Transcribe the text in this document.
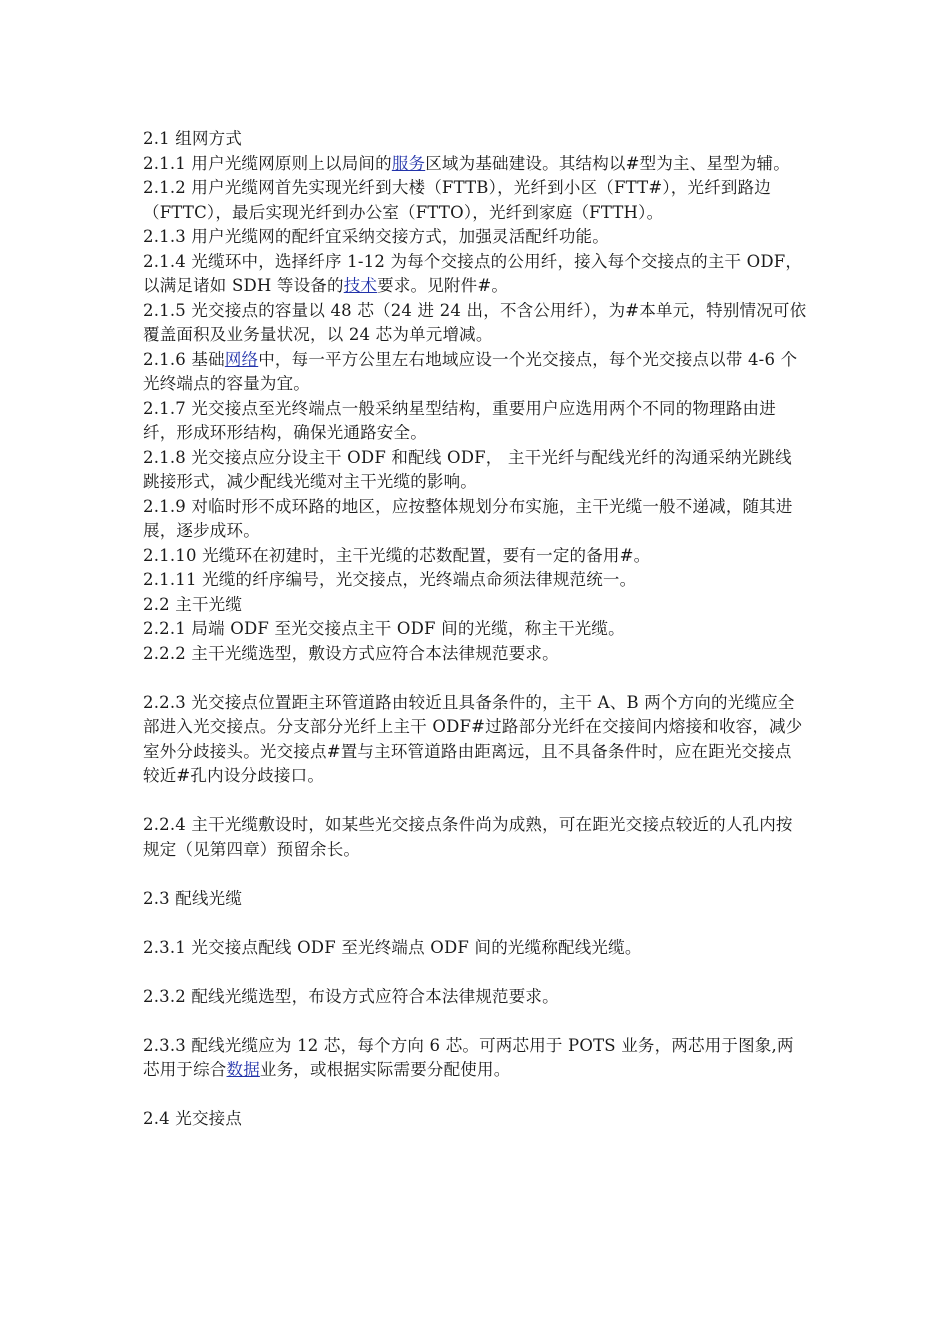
2.1 组网方式

2.1.1 用户光缆网原则上以局间的服务区域为基础建设。其结构以#型为主、星型为辅。

2.1.2 用户光缆网首先实现光纤到大楼（FTTB），光纤到小区（FTT#），光纤到路边（FTTC），最后实现光纤到办公室（FTTO），光纤到家庭（FTTH）。

2.1.3 用户光缆网的配纤宜采纳交接方式，加强灵活配纤功能。

2.1.4 光缆环中，选择纤序 1-12 为每个交接点的公用纤，接入每个交接点的主干 ODF，以满足诸如 SDH 等设备的技术要求。见附件#。

2.1.5 光交接点的容量以 48 芯（24 进 24 出，不含公用纤），为#本单元，特别情况可依覆盖面积及业务量状况，以 24 芯为单元增减。

2.1.6 基础网络中，每一平方公里左右地域应设一个光交接点，每个光交接点以带 4-6 个光终端点的容量为宜。

2.1.7 光交接点至光终端点一般采纳星型结构，重要用户应选用两个不同的物理路由进纤，形成环形结构，确保光通路安全。

2.1.8 光交接点应分设主干 ODF 和配线 ODF， 主干光纤与配线光纤的沟通采纳光跳线跳接形式，减少配线光缆对主干光缆的影响。

2.1.9 对临时形不成环路的地区，应按整体规划分布实施，主干光缆一般不递减，随其进展，逐步成环。

2.1.10 光缆环在初建时，主干光缆的芯数配置，要有一定的备用#。

2.1.11 光缆的纤序编号，光交接点，光终端点命须法律规范统一。

2.2 主干光缆

2.2.1 局端 ODF 至光交接点主干 ODF 间的光缆，称主干光缆。

2.2.2 主干光缆选型，敷设方式应符合本法律规范要求。

2.2.3 光交接点位置距主环管道路由较近且具备条件的，主干 A、B 两个方向的光缆应全部进入光交接点。分支部分光纤上主干 ODF#过路部分光纤在交接间内熔接和收容，减少室外分歧接头。光交接点#置与主环管道路由距离远，且不具备条件时，应在距光交接点较近#孔内设分歧接口。

2.2.4 主干光缆敷设时，如某些光交接点条件尚为成熟，可在距光交接点较近的人孔内按规定（见第四章）预留余长。

2.3 配线光缆

2.3.1 光交接点配线 ODF 至光终端点 ODF 间的光缆称配线光缆。

2.3.2 配线光缆选型，布设方式应符合本法律规范要求。

2.3.3 配线光缆应为 12 芯，每个方向 6 芯。可两芯用于 POTS 业务，两芯用于图象,两芯用于综合数据业务，或根据实际需要分配使用。

2.4 光交接点
